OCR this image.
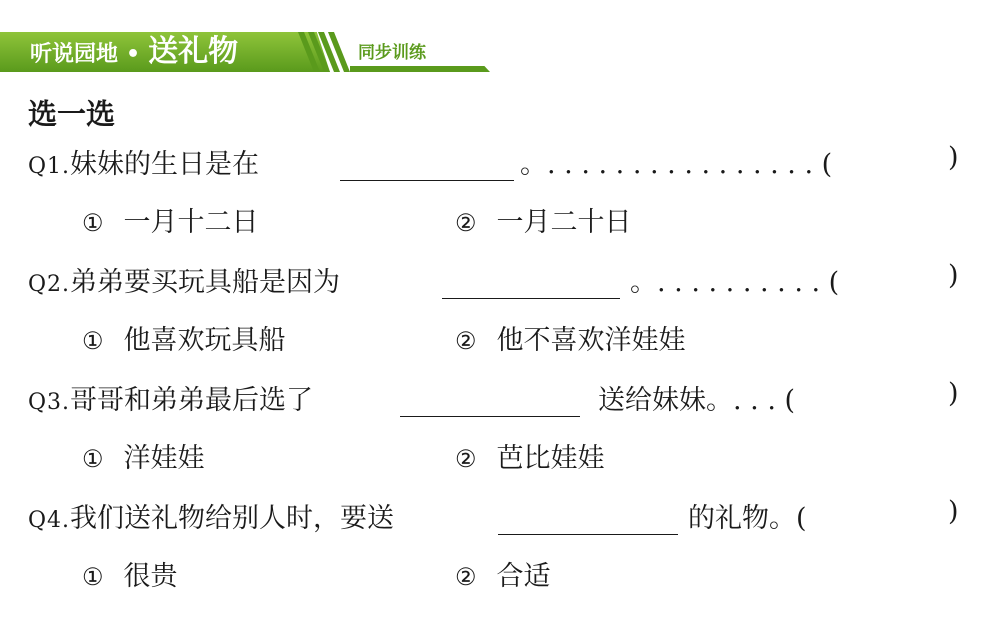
听说园地 • 送礼物	同步训练
选一选
Q1.妹妹的生日是在	。. . . . . . . . . . . . . . . . (	)
① 一月十二日	② 一月二十日
Q2.弟弟要买玩具船是因为	。. . . . . . . . . . (	)
① 他喜欢玩具船	② 他不喜欢洋娃娃
Q3.哥哥和弟弟最后选了	送给妹妹。. . . (	)
① 洋娃娃	② 芭比娃娃
Q4.我们送礼物给别人时，要送	的礼物。(	)
① 很贵	② 合适
